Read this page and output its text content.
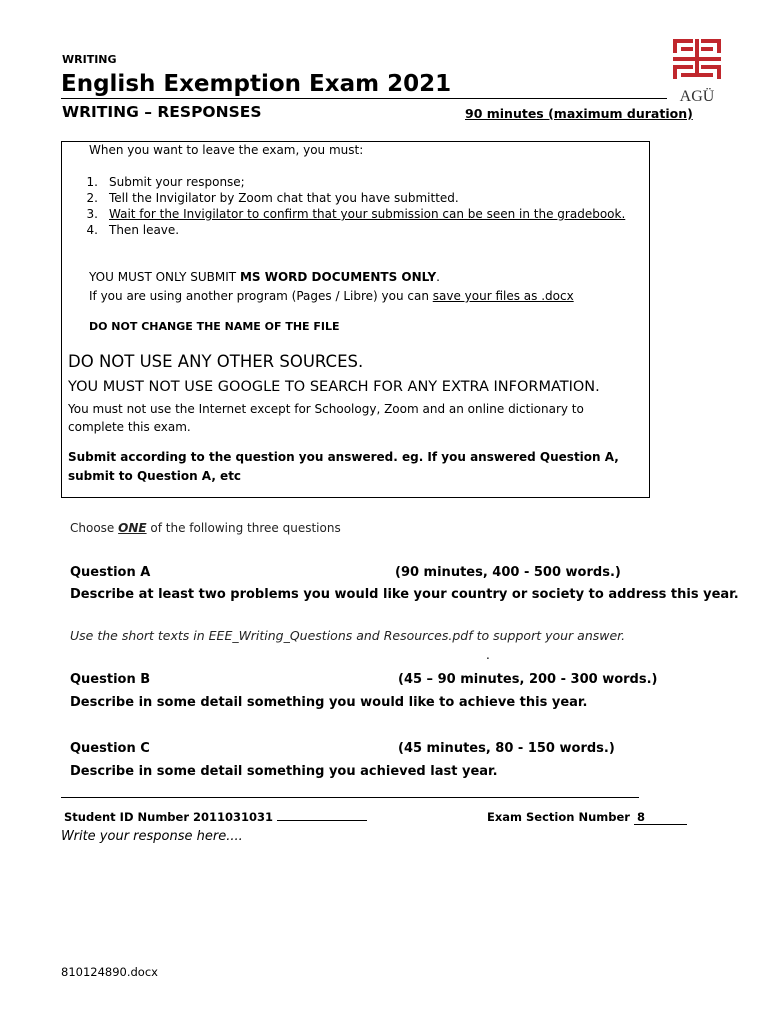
WRITING
English Exemption Exam 2021
WRITING – RESPONSES	90 minutes (maximum duration)
AGÜ
When you want to leave the exam, you must:
1. Submit your response;
2. Tell the Invigilator by Zoom chat that you have submitted.
3. Wait for the Invigilator to confirm that your submission can be seen in the gradebook.
4. Then leave.
YOU MUST ONLY SUBMIT MS WORD DOCUMENTS ONLY.
If you are using another program (Pages / Libre) you can save your files as .docx
DO NOT CHANGE THE NAME OF THE FILE
DO NOT USE ANY OTHER SOURCES.
YOU MUST NOT USE GOOGLE TO SEARCH FOR ANY EXTRA INFORMATION.
You must not use the Internet except for Schoology, Zoom and an online dictionary to complete this exam.
Submit according to the question you answered. eg. If you answered Question A, submit to Question A, etc
Choose ONE of the following three questions
Question A	(90 minutes, 400 - 500 words.)
Describe at least two problems you would like your country or society to address this year.
Use the short texts in EEE_Writing_Questions and Resources.pdf to support your answer.
.
Question B	(45 – 90 minutes, 200 - 300 words.)
Describe in some detail something you would like to achieve this year.
Question C	(45 minutes, 80 - 150 words.)
Describe in some detail something you achieved last year.
Student ID Number 2011031031	Exam Section Number 8
Write your response here....
810124890.docx
